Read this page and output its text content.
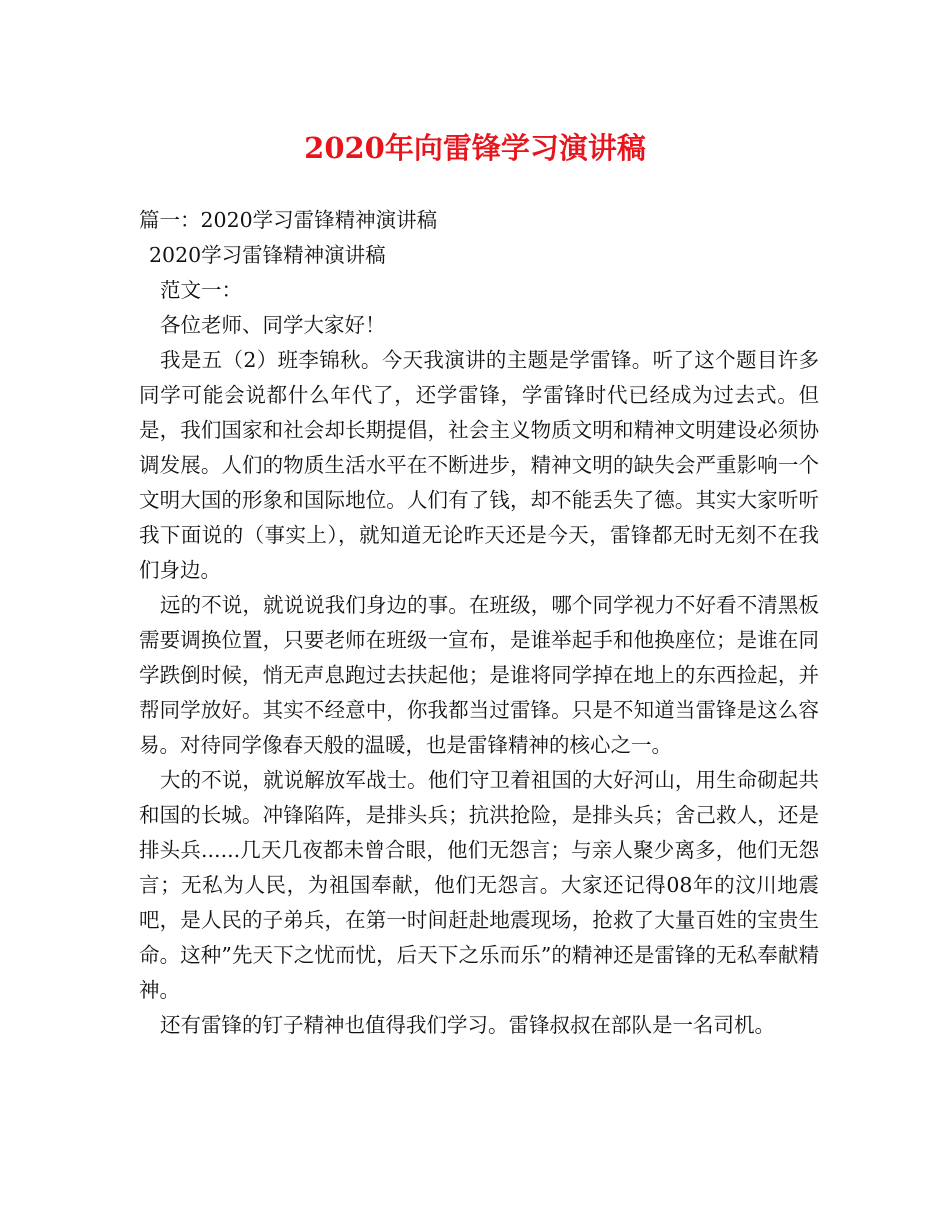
2020年向雷锋学习演讲稿
篇一：2020学习雷锋精神演讲稿
2020学习雷锋精神演讲稿
范文一：
各位老师、同学大家好！

我是五（2）班李锦秋。今天我演讲的主题是学雷锋。听了这个题目许多同学可能会说都什么年代了，还学雷锋，学雷锋时代已经成为过去式。但是，我们国家和社会却长期提倡，社会主义物质文明和精神文明建设必须协调发展。人们的物质生活水平在不断进步，精神文明的缺失会严重影响一个文明大国的形象和国际地位。人们有了钱，却不能丢失了德。其实大家听听我下面说的（事实上），就知道无论昨天还是今天，雷锋都无时无刻不在我们身边。

远的不说，就说说我们身边的事。在班级，哪个同学视力不好看不清黑板需要调换位置，只要老师在班级一宣布，是谁举起手和他换座位；是谁在同学跌倒时候，悄无声息跑过去扶起他；是谁将同学掉在地上的东西捡起，并帮同学放好。其实不经意中，你我都当过雷锋。只是不知道当雷锋是这么容易。对待同学像春天般的温暖，也是雷锋精神的核心之一。

大的不说，就说解放军战士。他们守卫着祖国的大好河山，用生命砌起共和国的长城。冲锋陷阵，是排头兵；抗洪抢险，是排头兵；舍己救人，还是排头兵......几天几夜都未曾合眼，他们无怨言；与亲人聚少离多，他们无怨言；无私为人民，为祖国奉献，他们无怨言。大家还记得08年的汶川地震吧，是人民的子弟兵，在第一时间赶赴地震现场，抢救了大量百姓的宝贵生命。这种”先天下之忧而忧，后天下之乐而乐”的精神还是雷锋的无私奉献精神。

还有雷锋的钉子精神也值得我们学习。雷锋叔叔在部队是一名司机。
